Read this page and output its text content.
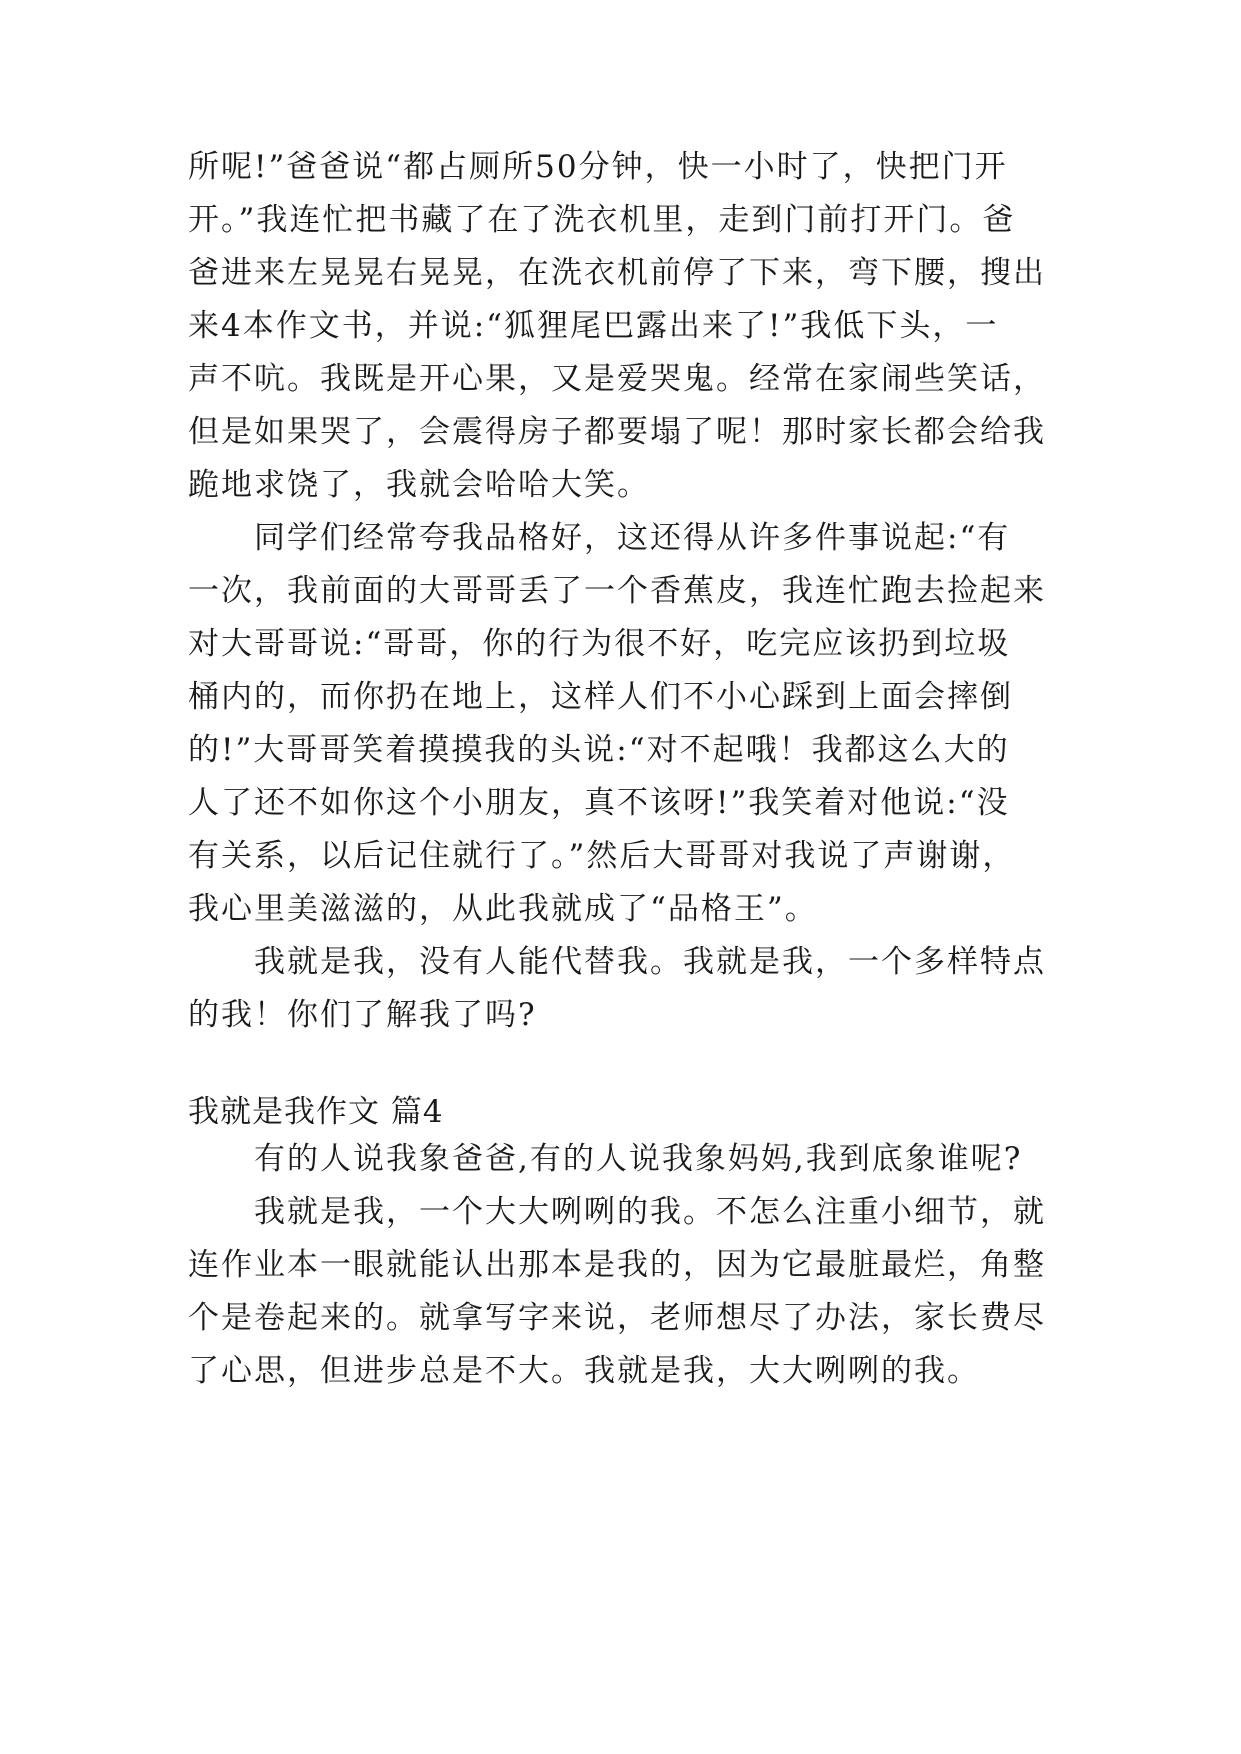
所呢!”爸爸说“都占厕所50分钟，快一小时了，快把门开
开。”我连忙把书藏了在了洗衣机里，走到门前打开门。爸
爸进来左晃晃右晃晃，在洗衣机前停了下来，弯下腰，搜出
来4本作文书，并说:“狐狸尾巴露出来了!”我低下头，一
声不吭。我既是开心果，又是爱哭鬼。经常在家闹些笑话，
但是如果哭了，会震得房子都要塌了呢！那时家长都会给我
跪地求饶了，我就会哈哈大笑。
同学们经常夸我品格好，这还得从许多件事说起:“有
一次，我前面的大哥哥丢了一个香蕉皮，我连忙跑去捡起来
对大哥哥说:“哥哥，你的行为很不好，吃完应该扔到垃圾
桶内的，而你扔在地上，这样人们不小心踩到上面会摔倒
的!”大哥哥笑着摸摸我的头说:“对不起哦！我都这么大的
人了还不如你这个小朋友，真不该呀!”我笑着对他说:“没
有关系，以后记住就行了。”然后大哥哥对我说了声谢谢，
我心里美滋滋的，从此我就成了“品格王”。
我就是我，没有人能代替我。我就是我，一个多样特点
的我！你们了解我了吗?
我就是我作文 篇4
有的人说我象爸爸,有的人说我象妈妈,我到底象谁呢?
我就是我，一个大大咧咧的我。不怎么注重小细节，就
连作业本一眼就能认出那本是我的，因为它最脏最烂，角整
个是卷起来的。就拿写字来说，老师想尽了办法，家长费尽
了心思，但进步总是不大。我就是我，大大咧咧的我。
